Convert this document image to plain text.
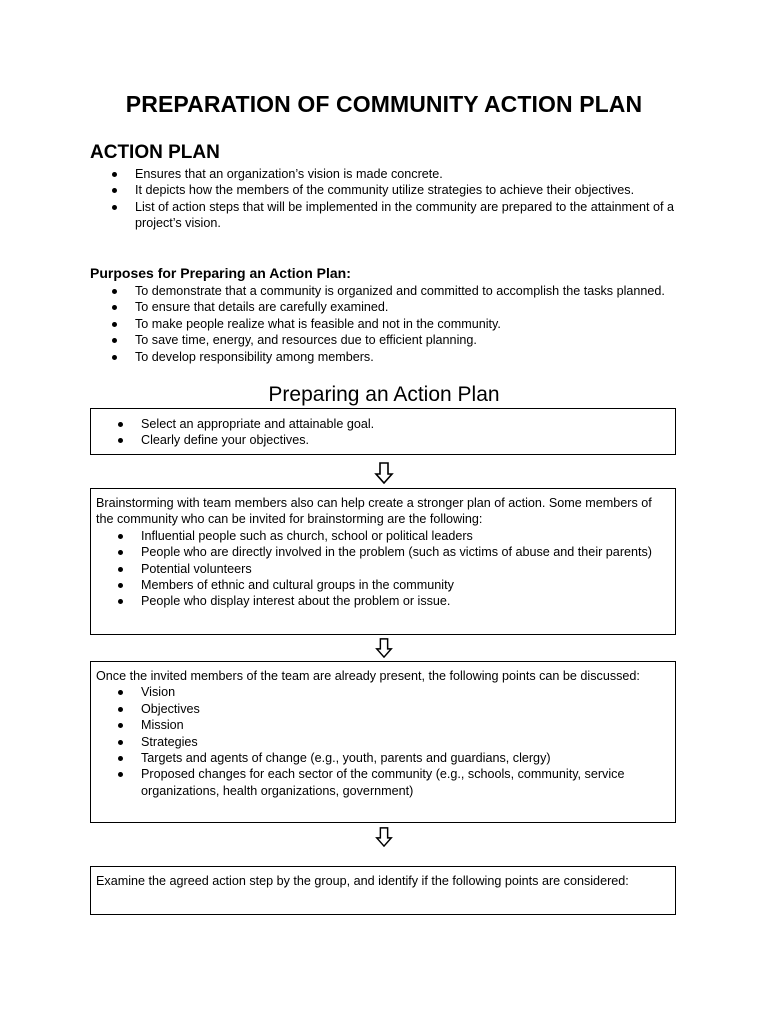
PREPARATION OF COMMUNITY ACTION PLAN
ACTION PLAN
Ensures that an organization’s vision is made concrete.
It depicts how the members of the community utilize strategies to achieve their objectives.
List of action steps that will be implemented in the community are prepared to the attainment of a project’s vision.
Purposes for Preparing an Action Plan:
To demonstrate that a community is organized and committed to accomplish the tasks planned.
To ensure that details are carefully examined.
To make people realize what is feasible and not in the community.
To save time, energy, and resources due to efficient planning.
To develop responsibility among members.
Preparing an Action Plan
Select an appropriate and attainable goal.
Clearly define your objectives.

Brainstorming with team members also can help create a stronger plan of action. Some members of the community who can be invited for brainstorming are the following:

Influential people such as church, school or political leaders
People who are directly involved in the problem (such as victims of abuse and their parents)
Potential volunteers
Members of ethnic and cultural groups in the community
People who display interest about the problem or issue.

Once the invited members of the team are already present, the following points can be discussed:

Vision
Objectives
Mission
Strategies
Targets and agents of change (e.g., youth, parents and guardians, clergy)
Proposed changes for each sector of the community (e.g., schools, community, service organizations, health organizations, government)

Examine the agreed action step by the group, and identify if the following points are considered:
